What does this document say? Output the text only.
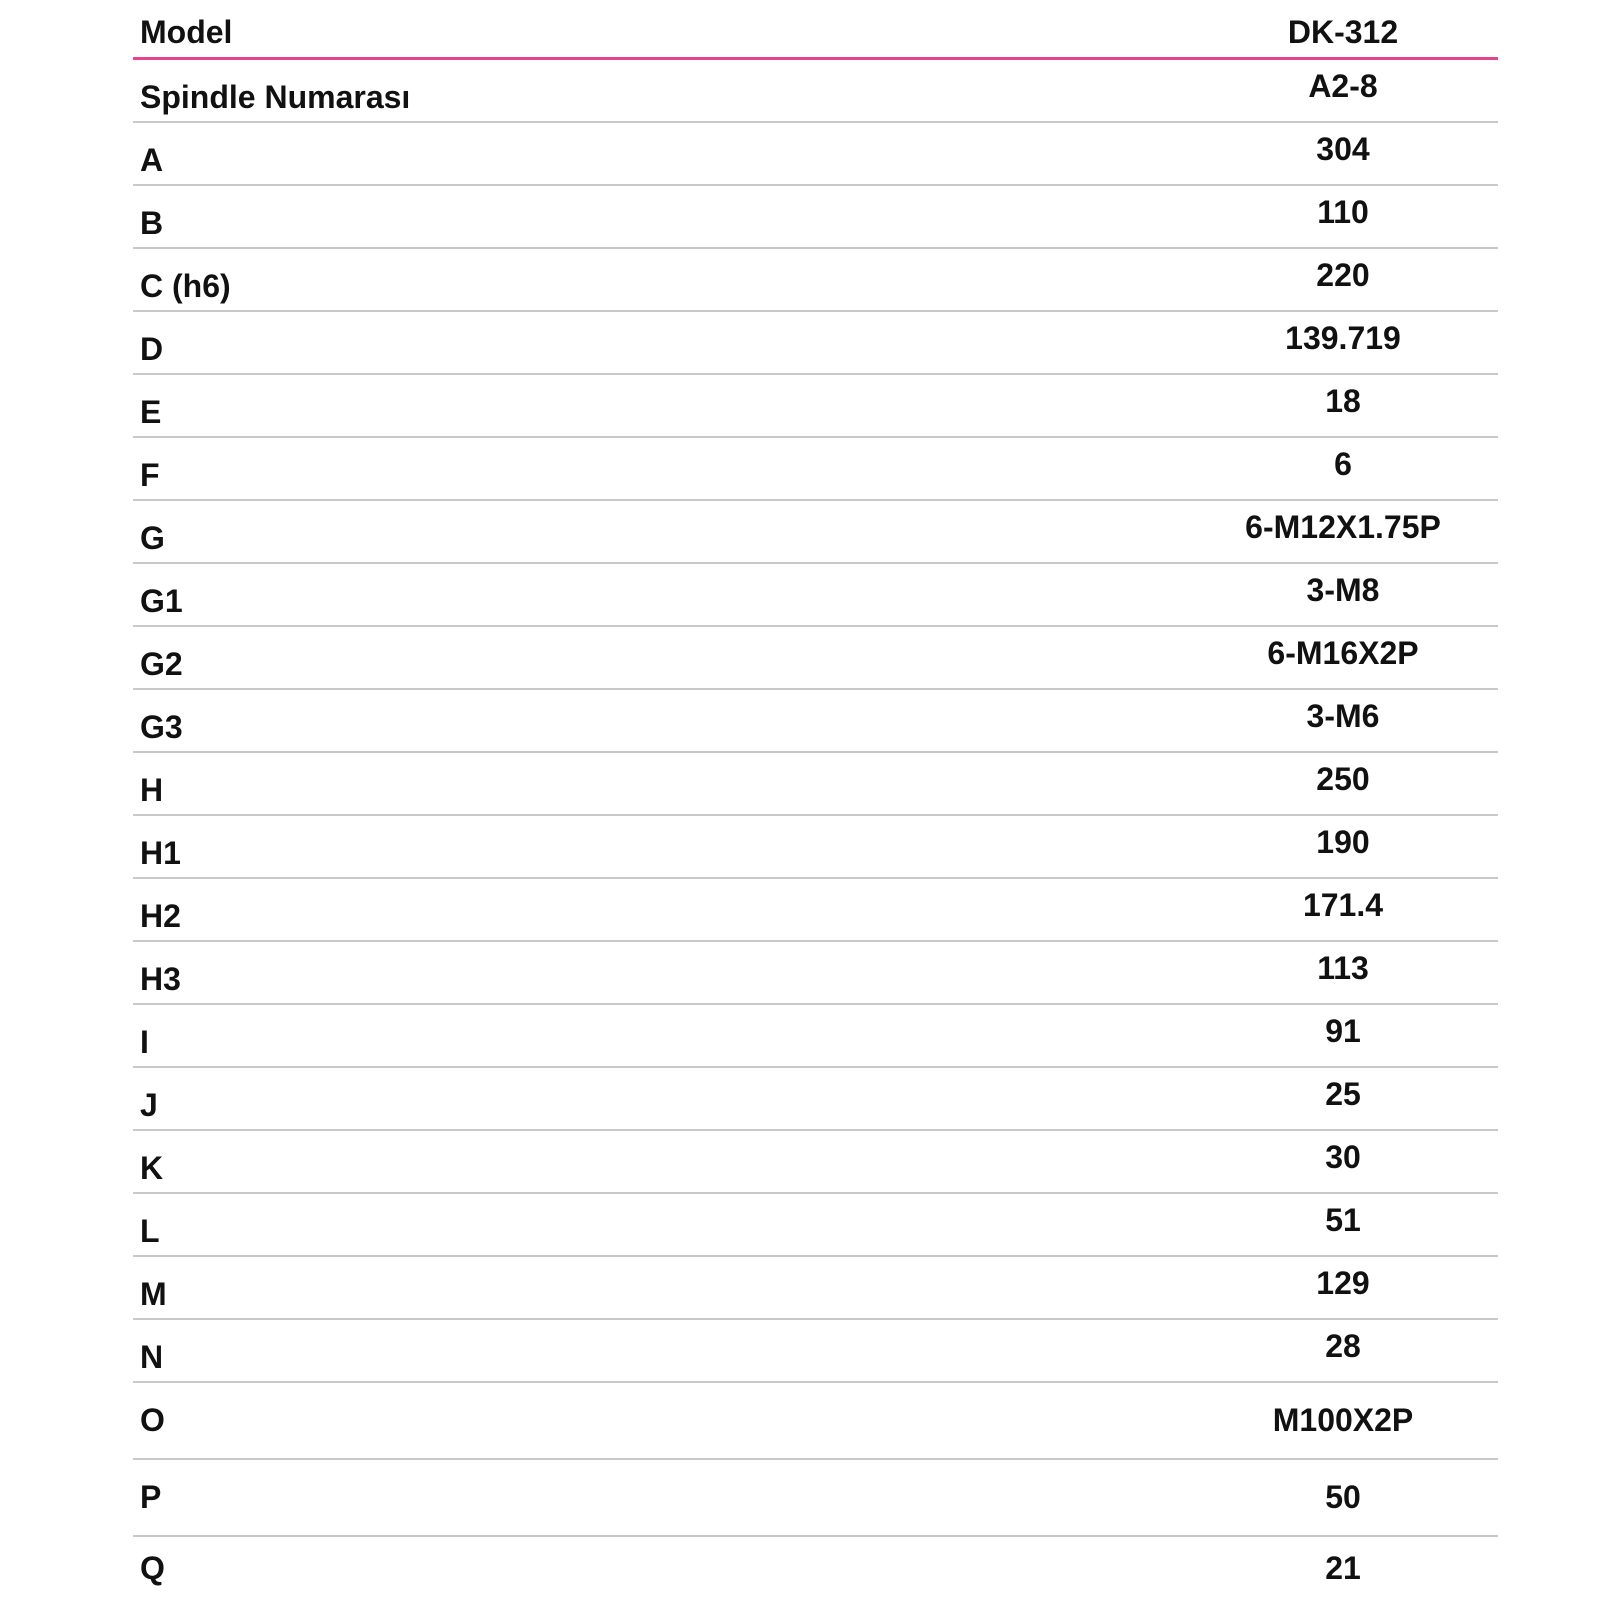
Model	DK-312
Spindle Numarası	A2-8
A	304
B	110
C (h6)	220
D	139.719
E	18
F	6
G	6-M12X1.75P
G1	3-M8
G2	6-M16X2P
G3	3-M6
H	250
H1	190
H2	171.4
H3	113
I	91
J	25
K	30
L	51
M	129
N	28
O	M100X2P
P	50
Q	21
